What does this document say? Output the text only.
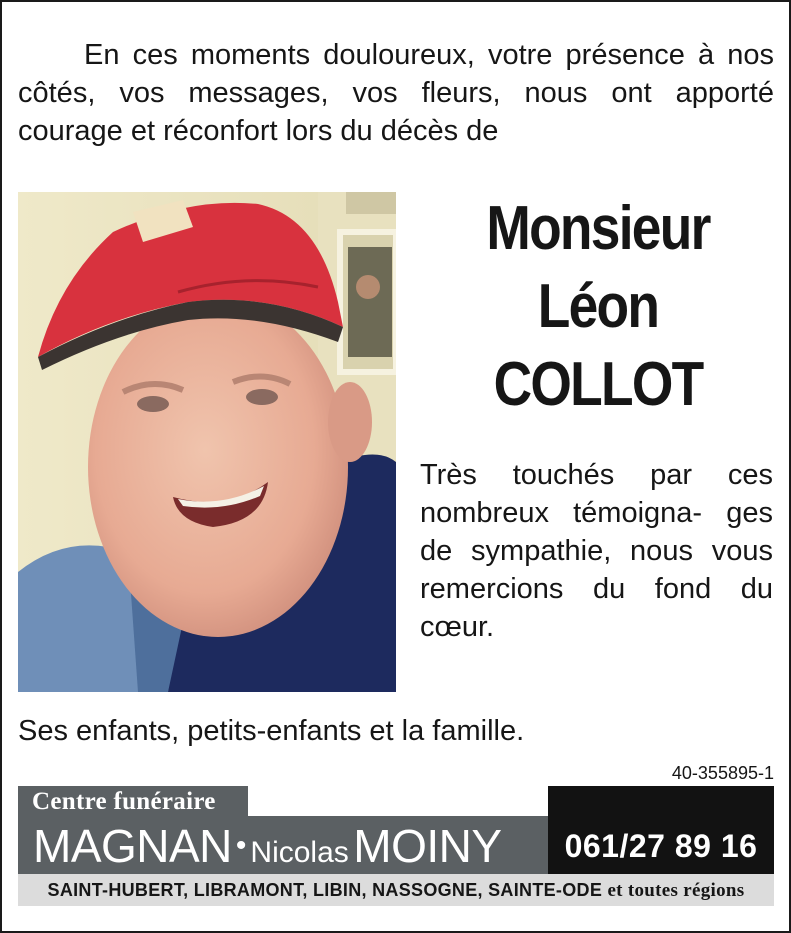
En ces moments douloureux, votre présence à nos côtés, vos messages, vos fleurs, nous ont apporté courage et réconfort lors du décès de

Monsieur
Léon
COLLOT

Très touchés par ces nombreux témoigna- ges de sympathie, nous vous remercions du fond du cœur.

Ses enfants, petits-enfants et la famille.

40-355895-1
Centre funéraire
MAGNAN • Nicolas MOINY	061/27 89 16
SAINT-HUBERT, LIBRAMONT, LIBIN, NASSOGNE, SAINTE-ODE et toutes régions
